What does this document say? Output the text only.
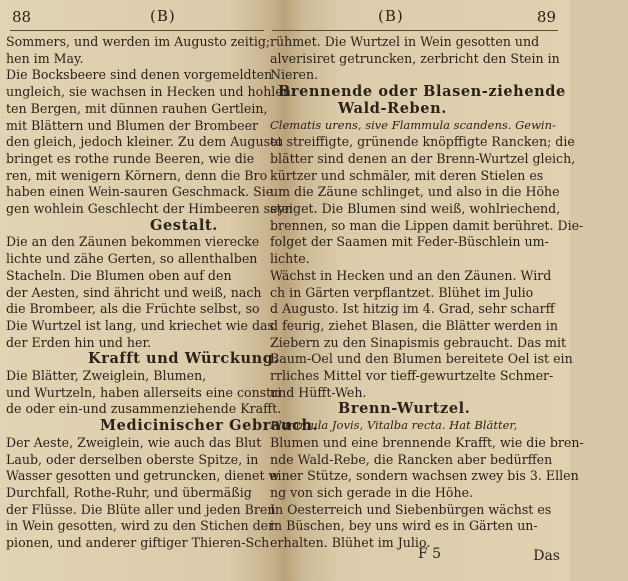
88	(B)
Sommers, und werden im Augusto zeitig;
hen im May.
Die Bocksbeere sind denen vorgemeldten
ungleich, sie wachsen in Hecken und hohlen
ten Bergen, mit dünnen rauhen Gertlein,
mit Blättern und Blumen der Brombeer
den gleich, jedoch kleiner. Zu dem Augusto
bringet es rothe runde Beeren, wie die
ren, mit wenigern Körnern, denn die Bro
haben einen Wein-sauren Geschmack. Sie
gen wohlein Geschlecht der Himbeeren seyn
Gestalt.
Die an den Zäunen bekommen vierecke
lichte und zähe Gerten, so allenthalben
Stacheln. Die Blumen oben auf den
der Aesten, sind ähricht und weiß, nach
die Brombeer, als die Früchte selbst, so
Die Wurtzel ist lang, und kriechet wie das
der Erden hin und her.
Krafft und Würckung.
Die Blätter, Zweiglein, Blumen,
und Wurtzeln, haben allerseits eine constri
de oder ein-und zusammenziehende Krafft.
Medicinischer Gebrauch.
Der Aeste, Zweiglein, wie auch das Blut
Laub, oder derselben oberste Spitze, in
Wasser gesotten und getruncken, dienet w
Durchfall, Rothe-Ruhr, und übermäßig
der Flüsse. Die Blüte aller und jeden Bren
in Wein gesotten, wird zu den Stichen der
pionen, und anderer giftiger Thieren-Sch
(B)	89
rühmet. Die Wurtzel in Wein gesotten und
alverisiret getruncken, zerbricht den Stein in
Nieren.
Brennende oder Blasen-ziehende
Wald-Reben.
Clematis urens, sive Flammula scandens. Gewin-
et streiffigte, grünende knöpffigte Rancken; die
blätter sind denen an der Brenn-Wurtzel gleich,
kürtzer und schmäler, mit deren Stielen es
um die Zäune schlinget, und also in die Höhe
steiget. Die Blumen sind weiß, wohlriechend,
brennen, so man die Lippen damit berühret. Die-
folget der Saamen mit Feder-Büschlein um-
lichte.
Wächst in Hecken und an den Zäunen. Wird
ch in Gärten verpflantzet. Blühet im Julio
d Augusto. Ist hitzig im 4. Grad, sehr scharff
d feurig, ziehet Blasen, die Blätter werden in
Ziebern zu den Sinapismis gebraucht. Das mit
Baum-Oel und den Blumen bereitete Oel ist ein
rrliches Mittel vor tieff-gewurtzelte Schmer-
und Hüfft-Weh.
Brenn-Wurtzel.
Flammula Jovis, Vitalba recta. Hat Blätter,
Blumen und eine brennende Krafft, wie die bren-
nde Wald-Rebe, die Rancken aber bedürffen
einer Stütze, sondern wachsen zwey bis 3. Ellen
ng von sich gerade in die Höhe.
In Oesterreich und Siebenbürgen wächst es
in Büschen, bey uns wird es in Gärten un-
erhalten. Blühet im Julio.
F 5	Das
